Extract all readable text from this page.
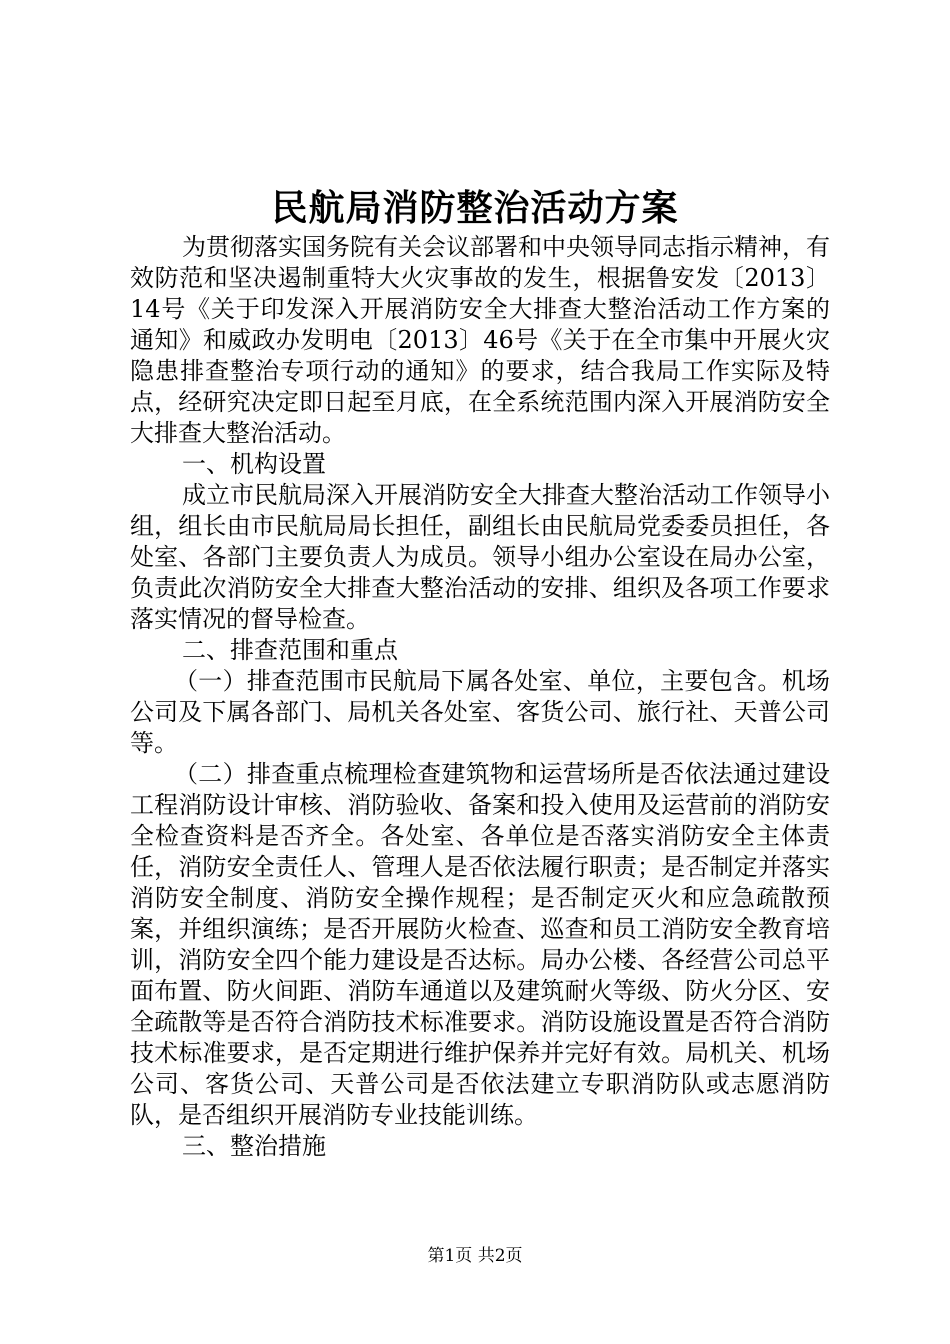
民航局消防整治活动方案

为贯彻落实国务院有关会议部署和中央领导同志指示精神，有效防范和坚决遏制重特大火灾事故的发生，根据鲁安发〔2013〕14号《关于印发深入开展消防安全大排查大整治活动工作方案的通知》和威政办发明电〔2013〕46号《关于在全市集中开展火灾隐患排查整治专项行动的通知》的要求，结合我局工作实际及特点，经研究决定即日起至月底，在全系统范围内深入开展消防安全大排查大整治活动。

一、机构设置

成立市民航局深入开展消防安全大排查大整治活动工作领导小组，组长由市民航局局长担任，副组长由民航局党委委员担任，各处室、各部门主要负责人为成员。领导小组办公室设在局办公室，负责此次消防安全大排查大整治活动的安排、组织及各项工作要求落实情况的督导检查。

二、排查范围和重点

（一）排查范围市民航局下属各处室、单位，主要包含。机场公司及下属各部门、局机关各处室、客货公司、旅行社、天普公司等。

（二）排查重点梳理检查建筑物和运营场所是否依法通过建设工程消防设计审核、消防验收、备案和投入使用及运营前的消防安全检查资料是否齐全。各处室、各单位是否落实消防安全主体责任，消防安全责任人、管理人是否依法履行职责；是否制定并落实消防安全制度、消防安全操作规程；是否制定灭火和应急疏散预案，并组织演练；是否开展防火检查、巡查和员工消防安全教育培训，消防安全四个能力建设是否达标。局办公楼、各经营公司总平面布置、防火间距、消防车通道以及建筑耐火等级、防火分区、安全疏散等是否符合消防技术标准要求。消防设施设置是否符合消防技术标准要求，是否定期进行维护保养并完好有效。局机关、机场公司、客货公司、天普公司是否依法建立专职消防队或志愿消防队，是否组织开展消防专业技能训练。

三、整治措施

第1页 共2页
